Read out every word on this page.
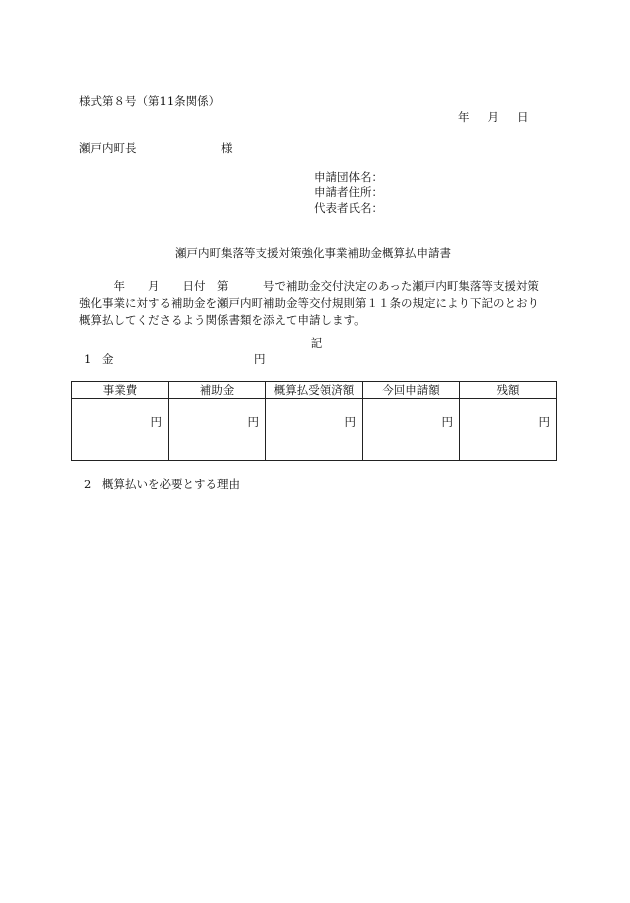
様式第８号（第11条関係）
年 月 日
瀬戸内町長	様
申請団体名：
申請者住所：
代表者氏名：
瀬戸内町集落等支援対策強化事業補助金概算払申請書
　　　年　　月　　日付　第　　　号で補助金交付決定のあった瀬戸内町集落等支援対策
強化事業に対する補助金を瀬戸内町補助金等交付規則第１１条の規定により下記のとおり
概算払してくださるよう関係書類を添えて申請します。
記
1 金	円
事業費	補助金	概算払受領済額	今回申請額	残額
円	円	円	円	円
2 概算払いを必要とする理由
